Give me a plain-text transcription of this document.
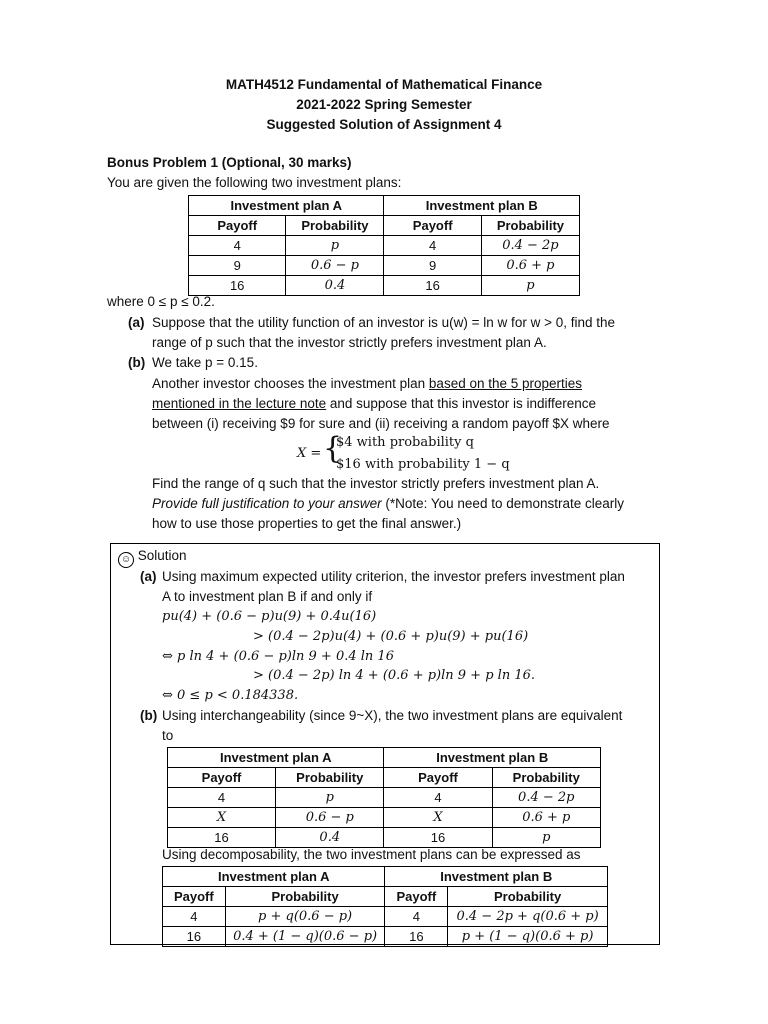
MATH4512 Fundamental of Mathematical Finance
2021-2022 Spring Semester
Suggested Solution of Assignment 4
Bonus Problem 1 (Optional, 30 marks)
You are given the following two investment plans:
Investment plan A		Investment plan B	
Payoff	Probability	Payoff	Probability
4	p	4	0.4 − 2p
9	0.6 − p	9	0.6 + p
16	0.4	16	p
where 0 ≤ p ≤ 0.2.
(a) Suppose that the utility function of an investor is u(w) = ln w for w > 0, find the
range of p such that the investor strictly prefers investment plan A.
(b) We take p = 0.15.
Another investor chooses the investment plan based on the 5 properties
mentioned in the lecture note and suppose that this investor is indifference
between (i) receiving $9 for sure and (ii) receiving a random payoff $X where
X = {
$4 with probability q
$16 with probability 1 − q
Find the range of q such that the investor strictly prefers investment plan A.
Provide full justification to your answer (*Note: You need to demonstrate clearly
how to use those properties to get the final answer.)
☺ Solution
(a) Using maximum expected utility criterion, the investor prefers investment plan
A to investment plan B if and only if
pu(4) + (0.6 − p)u(9) + 0.4u(16)
> (0.4 − 2p)u(4) + (0.6 + p)u(9) + pu(16)
⇔ p ln 4 + (0.6 − p)ln 9 + 0.4 ln 16
> (0.4 − 2p) ln 4 + (0.6 + p)ln 9 + p ln 16.
⇔ 0 ≤ p < 0.184338.
(b) Using interchangeability (since 9~X), the two investment plans are equivalent
to
Investment plan A		Investment plan B	
Payoff	Probability	Payoff	Probability
4	p	4	0.4 − 2p
X	0.6 − p	X	0.6 + p
16	0.4	16	p
Using decomposability, the two investment plans can be expressed as
Investment plan A		Investment plan B	
Payoff	Probability	Payoff	Probability
4	p + q(0.6 − p)	4	0.4 − 2p + q(0.6 + p)
16	0.4 + (1 − q)(0.6 − p)	16	p + (1 − q)(0.6 + p)
